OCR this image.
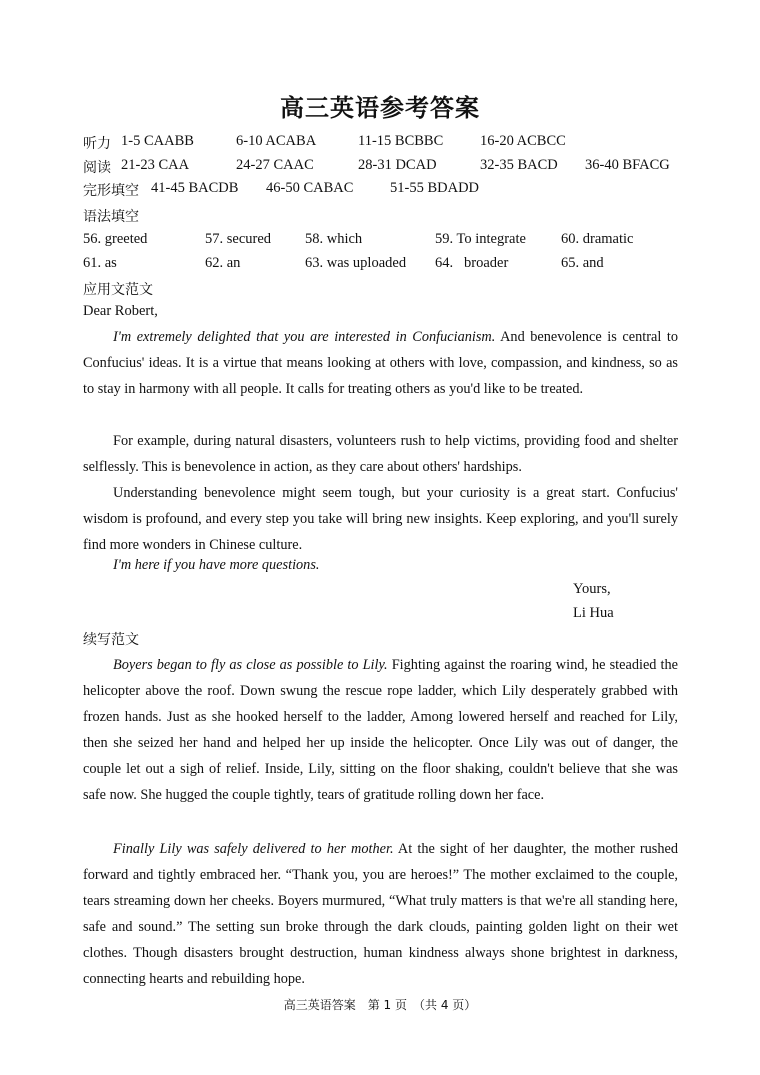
高三英语参考答案
听力 1-5 CAABB	6-10 ACABA	11-15 BCBBC	16-20 ACBCC
阅读 21-23 CAA	24-27 CAAC	28-31 DCAD	32-35 BACD 36-40 BFACG
完形填空 41-45 BACDB 46-50 CABAC	51-55 BDADD
语法填空
56. greeted	57. secured 58. which	59. To integrate 60. dramatic
61. as	62. an	63. was uploaded 64.   broader	65. and
应用文范文
Dear Robert,
I'm extremely delighted that you are interested in Confucianism. And benevolence is central to Confucius' ideas. It is a virtue that means looking at others with love, compassion, and kindness, so as to stay in harmony with all people. It calls for treating others as you'd like to be treated.
For example, during natural disasters, volunteers rush to help victims, providing food and shelter selflessly. This is benevolence in action, as they care about others' hardships.
Understanding benevolence might seem tough, but your curiosity is a great start. Confucius' wisdom is profound, and every step you take will bring new insights. Keep exploring, and you'll surely find more wonders in Chinese culture.
I'm here if you have more questions.
Yours,
Li Hua
续写范文
Boyers began to fly as close as possible to Lily. Fighting against the roaring wind, he steadied the helicopter above the roof. Down swung the rescue rope ladder, which Lily desperately grabbed with frozen hands. Just as she hooked herself to the ladder, Among lowered herself and reached for Lily, then she seized her hand and helped her up inside the helicopter. Once Lily was out of danger, the couple let out a sigh of relief. Inside, Lily, sitting on the floor shaking, couldn't believe that she was safe now. She hugged the couple tightly, tears of gratitude rolling down her face.
Finally Lily was safely delivered to her mother. At the sight of her daughter, the mother rushed forward and tightly embraced her. “Thank you, you are heroes!” The mother exclaimed to the couple, tears streaming down her cheeks. Boyers murmured, “What truly matters is that we're all standing here, safe and sound.” The setting sun broke through the dark clouds, painting golden light on their wet clothes. Though disasters brought destruction, human kindness always shone brightest in darkness, connecting hearts and rebuilding hope.
高三英语答案　第 1 页　（共 4 页）
